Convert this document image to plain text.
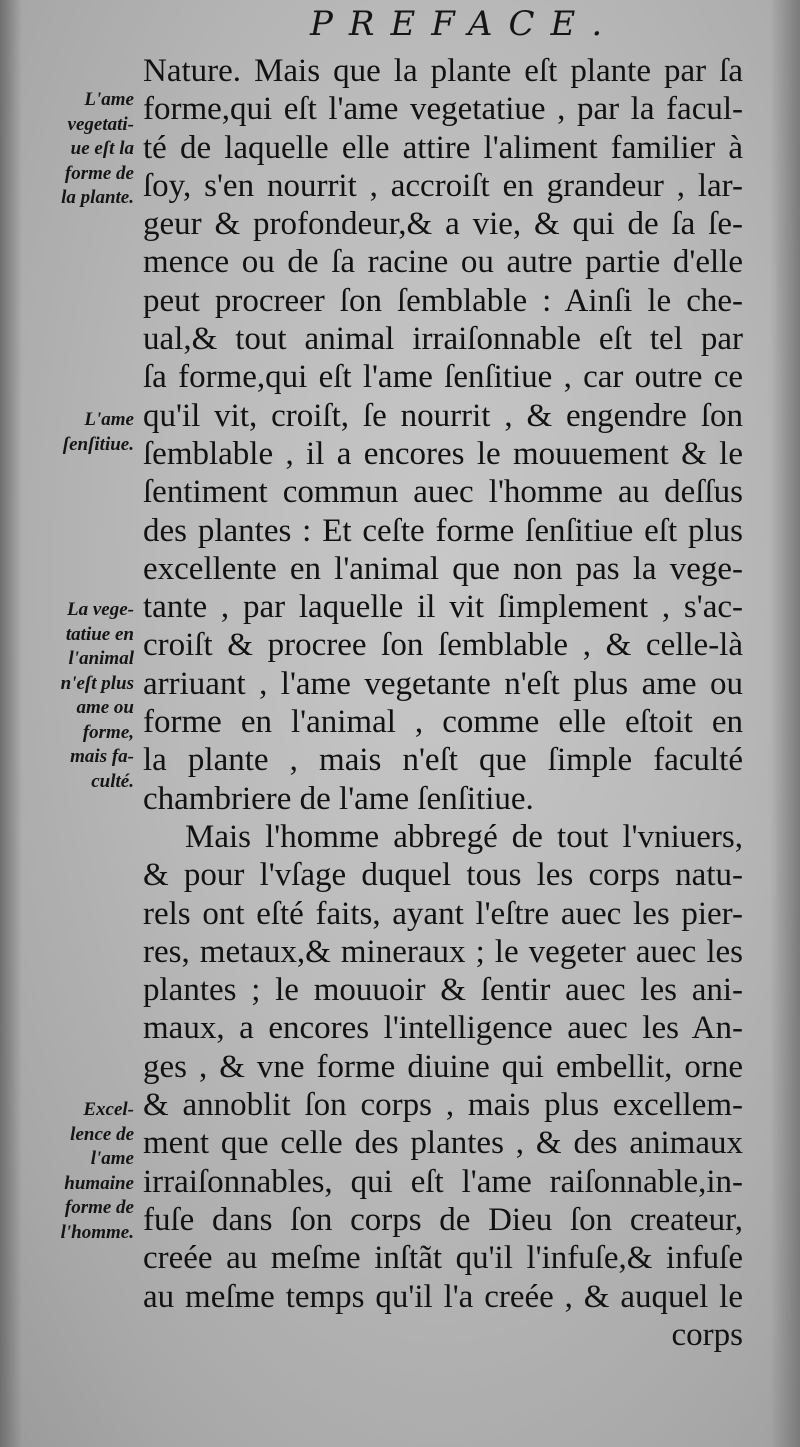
PREFACE.
Nature. Mais que la plante eſt plante par ſa
forme,qui eſt l'ame vegetatiue , par la facul-
té de laquelle elle attire l'aliment familier à
ſoy, s'en nourrit , accroiſt en grandeur , lar-
geur & profondeur,& a vie, & qui de ſa ſe-
mence ou de ſa racine ou autre partie d'elle
peut procreer ſon ſemblable : Ainſi le che-
ual,& tout animal irraiſonnable eſt tel par
ſa forme,qui eſt l'ame ſenſitiue , car outre ce
qu'il vit, croiſt, ſe nourrit , & engendre ſon
ſemblable , il a encores le mouuement & le
ſentiment commun auec l'homme au deſſus
des plantes : Et ceſte forme ſenſitiue eſt plus
excellente en l'animal que non pas la vege-
tante , par laquelle il vit ſimplement , s'ac-
croiſt & procree ſon ſemblable , & celle-là
arriuant , l'ame vegetante n'eſt plus ame ou
forme en l'animal , comme elle eſtoit en
la plante , mais n'eſt que ſimple faculté
chambriere de l'ame ſenſitiue.
Mais l'homme abbregé de tout l'vniuers,
& pour l'vſage duquel tous les corps natu-
rels ont eſté faits, ayant l'eſtre auec les pier-
res, metaux,& mineraux ; le vegeter auec les
plantes ; le mouuoir & ſentir auec les ani-
maux, a encores l'intelligence auec les An-
ges , & vne forme diuine qui embellit, orne
& annoblit ſon corps , mais plus excellem-
ment que celle des plantes , & des animaux
irraiſonnables, qui eſt l'ame raiſonnable,in-
fuſe dans ſon corps de Dieu ſon createur,
creée au meſme inſtãt qu'il l'infuſe,& infuſe
au meſme temps qu'il l'a creée , & auquel le
corps
L'ame
vegetati-
ue eſt la
forme de
la plante.
L'ame
ſenſitiue.
La vege-
tatiue en
l'animal
n'eſt plus
ame ou
forme,
mais fa-
culté.
Excel-
lence de
l'ame
humaine
forme de
l'homme.
